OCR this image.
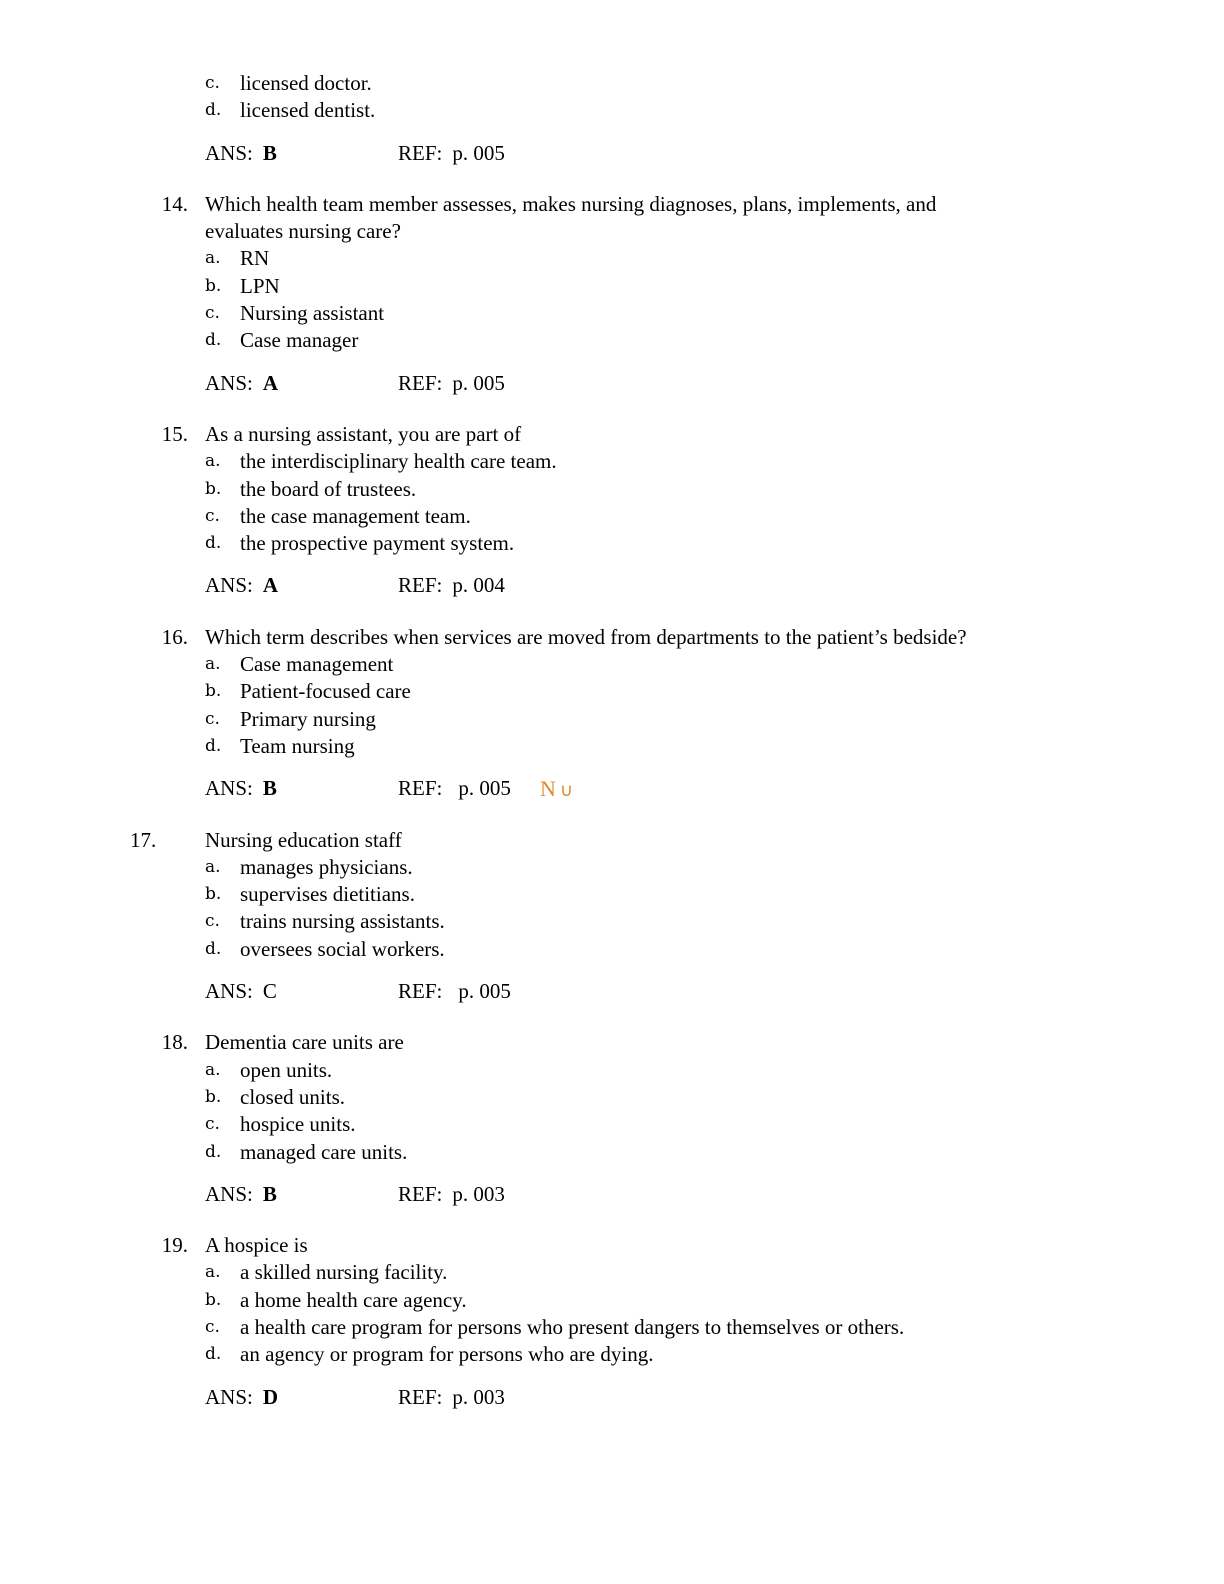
c. licensed doctor.
d. licensed dentist.
ANS: B	REF: p. 005
14. Which health team member assesses, makes nursing diagnoses, plans, implements, and
evaluates nursing care?
a. RN
b. LPN
c. Nursing assistant
d. Case manager
ANS: A	REF: p. 005
15. As a nursing assistant, you are part of
a. the interdisciplinary health care team.
b. the board of trustees.
c. the case management team.
d. the prospective payment system.
ANS: A	REF: p. 004
16. Which term describes when services are moved from departments to the patient’s bedside?
a. Case management
b. Patient-focused care
c. Primary nursing
d. Team nursing
ANS: B	REF: p. 005
17. Nursing education staff
a. manages physicians.
b. supervises dietitians.
c. trains nursing assistants.
d. oversees social workers.
ANS: C	REF: p. 005
18. Dementia care units are
a. open units.
b. closed units.
c. hospice units.
d. managed care units.
ANS: B	REF: p. 003
19. A hospice is
a. a skilled nursing facility.
b. a home health care agency.
c. a health care program for persons who present dangers to themselves or others.
d. an agency or program for persons who are dying.
ANS: D	REF: p. 003
N ∪
